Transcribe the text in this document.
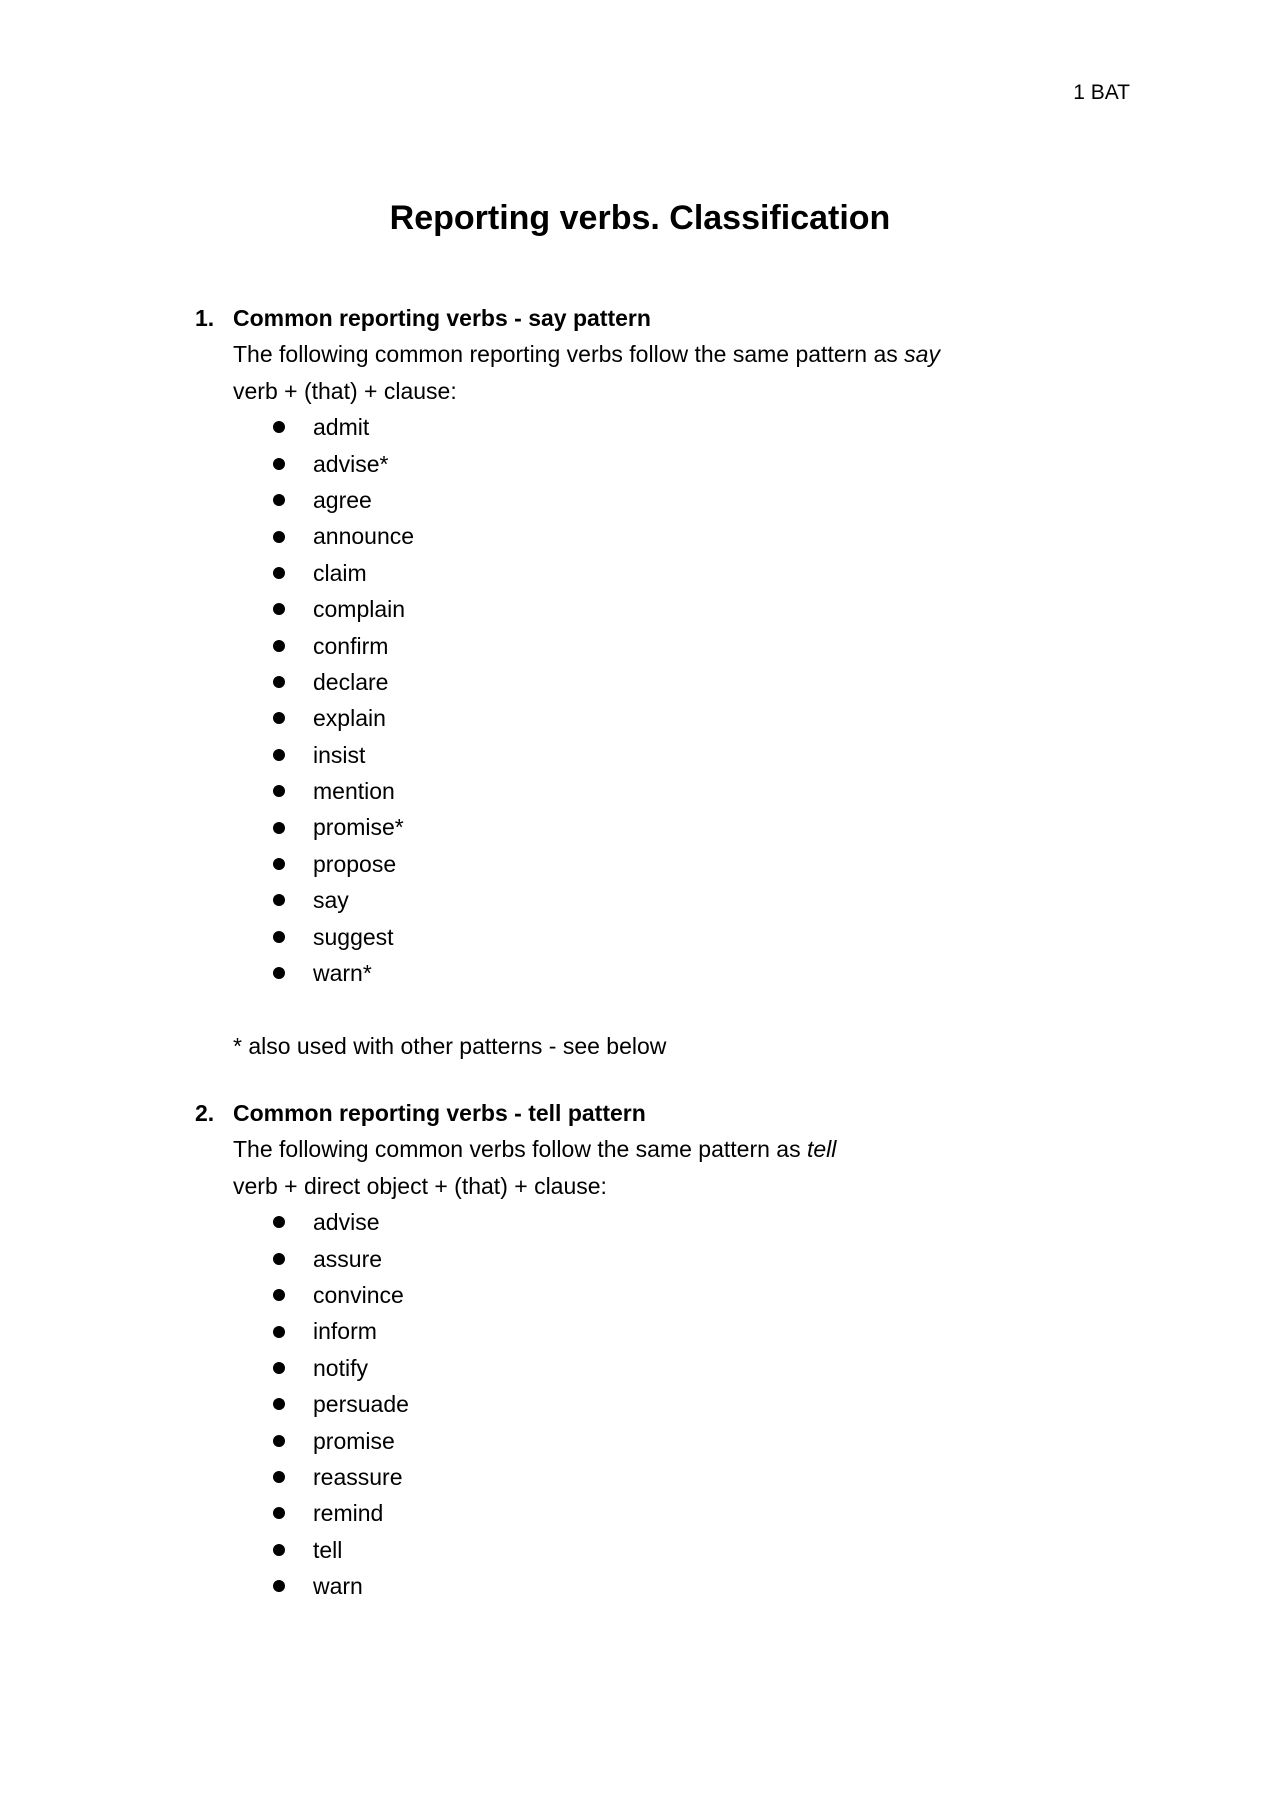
1 BAT
Reporting verbs. Classification
1. Common reporting verbs - say pattern
The following common reporting verbs follow the same pattern as say
verb + (that) + clause:
admit
advise*
agree
announce
claim
complain
confirm
declare
explain
insist
mention
promise*
propose
say
suggest
warn*
* also used with other patterns - see below
2. Common reporting verbs - tell pattern
The following common verbs follow the same pattern as tell
verb + direct object + (that) + clause:
advise
assure
convince
inform
notify
persuade
promise
reassure
remind
tell
warn
